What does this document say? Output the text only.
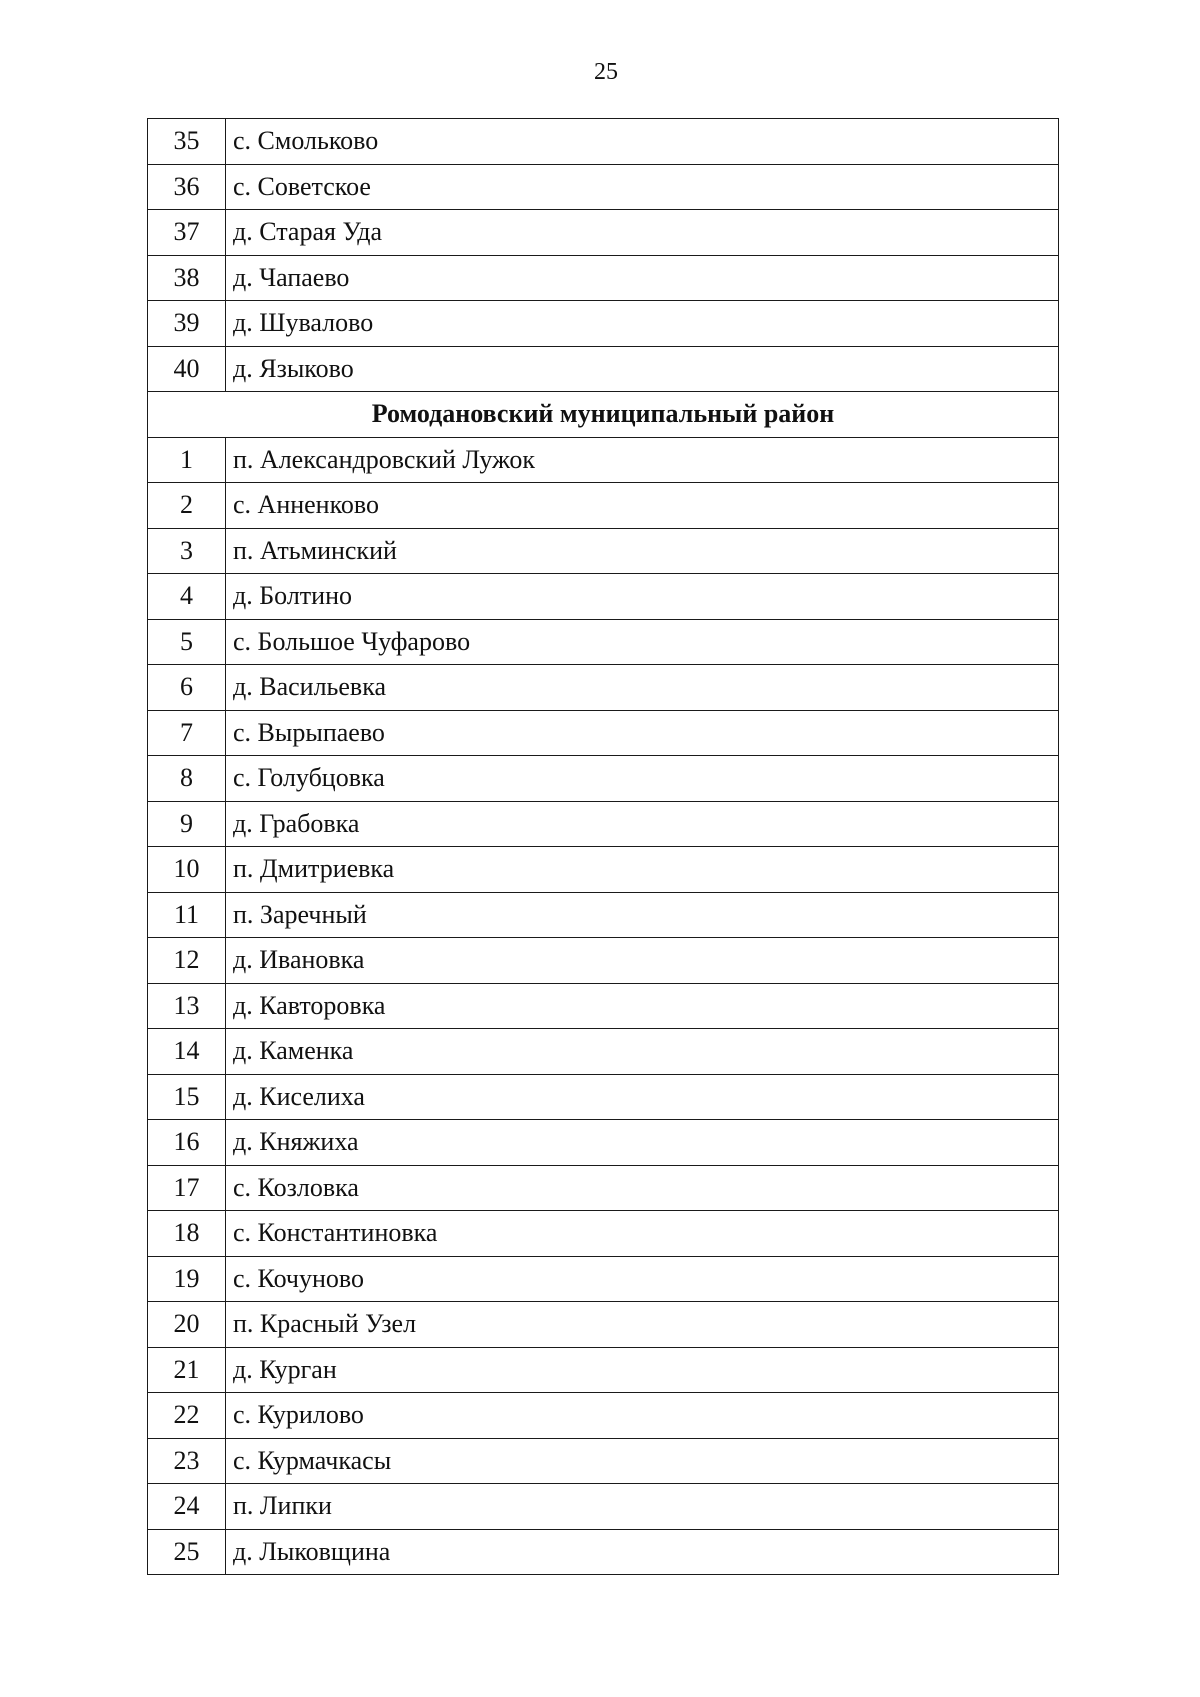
25
35	с. Смольково
36	с. Советское
37	д. Старая Уда
38	д. Чапаево
39	д. Шувалово
40	д. Языково
Ромодановский муниципальный район	
1	п. Александровский Лужок
2	с. Анненково
3	п. Атьминский
4	д. Болтино
5	с. Большое Чуфарово
6	д. Васильевка
7	с. Вырыпаево
8	с. Голубцовка
9	д. Грабовка
10	п. Дмитриевка
11	п. Заречный
12	д. Ивановка
13	д. Кавторовка
14	д. Каменка
15	д. Киселиха
16	д. Княжиха
17	с. Козловка
18	с. Константиновка
19	с. Кочуново
20	п. Красный Узел
21	д. Курган
22	с. Курилово
23	с. Курмачкасы
24	п. Липки
25	д. Лыковщина
